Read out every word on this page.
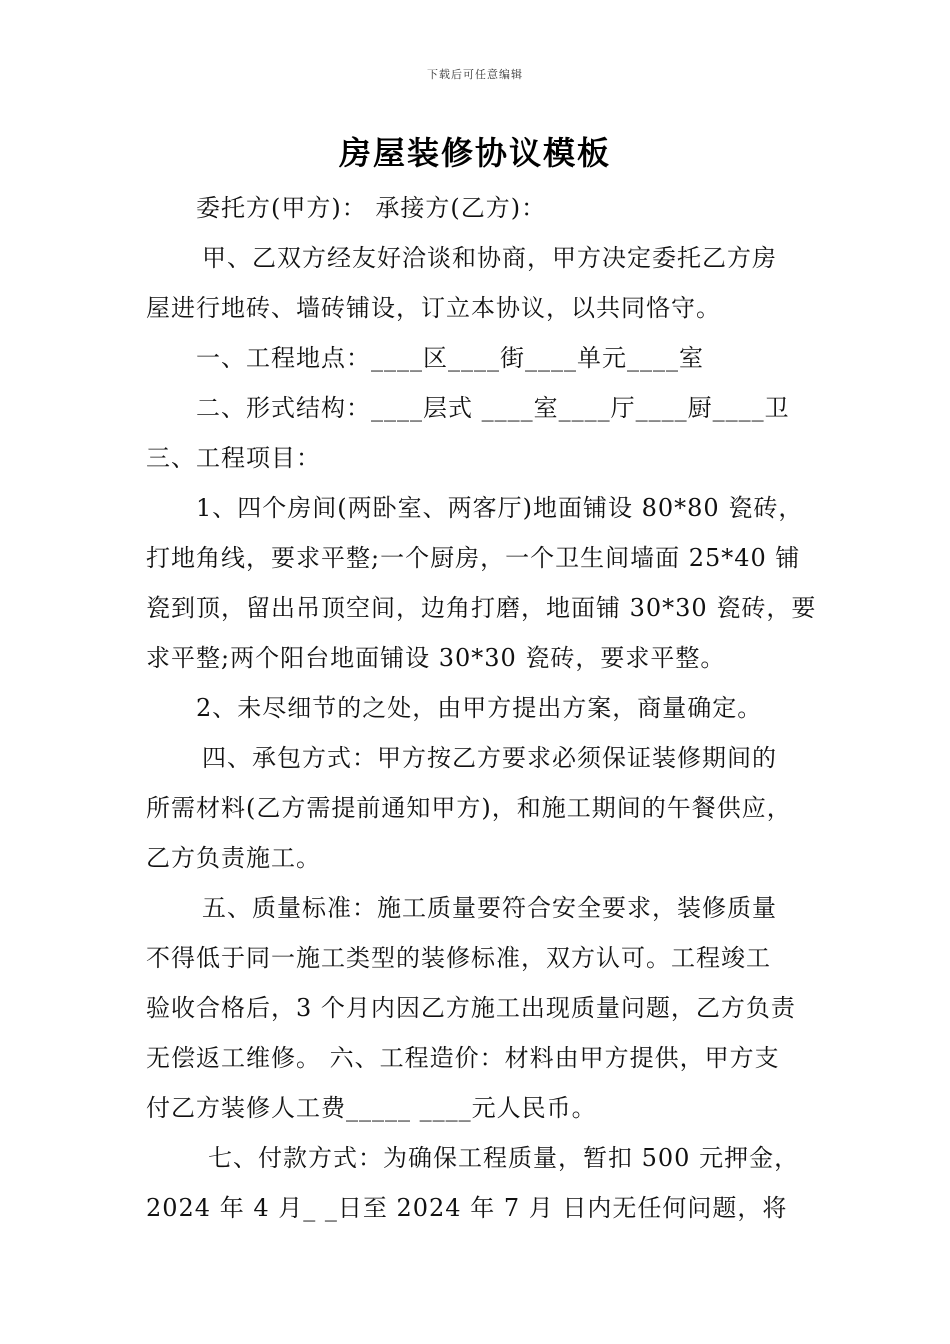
下载后可任意编辑
房屋装修协议模板
委托方(甲方)： 承接方(乙方)：
甲、乙双方经友好洽谈和协商，甲方决定委托乙方房
屋进行地砖、墙砖铺设，订立本协议，以共同恪守。
一、工程地点：____区____街____单元____室
二、形式结构：____层式 ____室____厅____厨____卫
三、工程项目：
1、四个房间(两卧室、两客厅)地面铺设 80*80 瓷砖，
打地角线，要求平整;一个厨房，一个卫生间墙面 25*40 铺
瓷到顶，留出吊顶空间，边角打磨，地面铺 30*30 瓷砖，要
求平整;两个阳台地面铺设 30*30 瓷砖，要求平整。
2、未尽细节的之处，由甲方提出方案，商量确定。
四、承包方式：甲方按乙方要求必须保证装修期间的
所需材料(乙方需提前通知甲方)，和施工期间的午餐供应，
乙方负责施工。
五、质量标准：施工质量要符合安全要求，装修质量
不得低于同一施工类型的装修标准，双方认可。工程竣工
验收合格后，3 个月内因乙方施工出现质量问题，乙方负责
无偿返工维修。 六、工程造价：材料由甲方提供，甲方支
付乙方装修人工费_____ ____元人民币。
七、付款方式：为确保工程质量，暂扣 500 元押金，
2024 年 4 月_ _日至 2024 年 7 月 日内无任何问题，将
